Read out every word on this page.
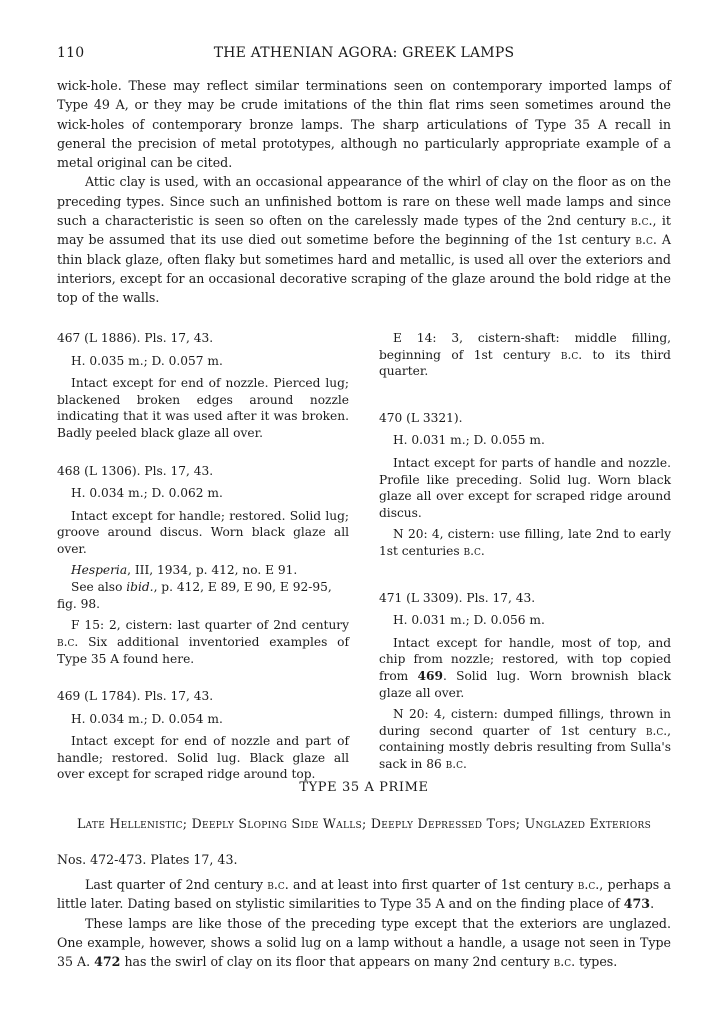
110	THE ATHENIAN AGORA: GREEK LAMPS

wick-hole. These may reflect similar terminations seen on contemporary imported lamps of Type 49 A, or they may be crude imitations of the thin flat rims seen sometimes around the wick-holes of contemporary bronze lamps. The sharp articulations of Type 35 A recall in general the precision of metal prototypes, although no particularly appropriate example of a metal original can be cited.

Attic clay is used, with an occasional appearance of the whirl of clay on the floor as on the preceding types. Since such an unfinished bottom is rare on these well made lamps and since such a characteristic is seen so often on the carelessly made types of the 2nd century b.c., it may be assumed that its use died out sometime before the beginning of the 1st century b.c. A thin black glaze, often flaky but sometimes hard and metallic, is used all over the exteriors and interiors, except for an occasional decorative scraping of the glaze around the bold ridge at the top of the walls.

467 (L 1886). Pls. 17, 43.

H. 0.035 m.; D. 0.057 m.

Intact except for end of nozzle. Pierced lug; blackened broken edges around nozzle indicating that it was used after it was broken. Badly peeled black glaze all over.

468 (L 1306). Pls. 17, 43.

H. 0.034 m.; D. 0.062 m.

Intact except for handle; restored. Solid lug; groove around discus. Worn black glaze all over.

Hesperia, III, 1934, p. 412, no. E 91.

See also ibid., p. 412, E 89, E 90, E 92-95, fig. 98.

F 15: 2, cistern: last quarter of 2nd century b.c. Six additional inventoried examples of Type 35 A found here.

469 (L 1784). Pls. 17, 43.

H. 0.034 m.; D. 0.054 m.

Intact except for end of nozzle and part of handle; restored. Solid lug. Black glaze all over except for scraped ridge around top.

E 14: 3, cistern-shaft: middle filling, beginning of 1st century b.c. to its third quarter.

470 (L 3321).

H. 0.031 m.; D. 0.055 m.

Intact except for parts of handle and nozzle. Profile like preceding. Solid lug. Worn black glaze all over except for scraped ridge around discus.

N 20: 4, cistern: use filling, late 2nd to early 1st centuries b.c.

471 (L 3309). Pls. 17, 43.

H. 0.031 m.; D. 0.056 m.

Intact except for handle, most of top, and chip from nozzle; restored, with top copied from 469. Solid lug. Worn brownish black glaze all over.

N 20: 4, cistern: dumped fillings, thrown in during second quarter of 1st century b.c., containing mostly debris resulting from Sulla's sack in 86 b.c.

TYPE 35 A PRIME
Late Hellenistic; Deeply Sloping Side Walls; Deeply Depressed Tops; Unglazed Exteriors
Nos. 472-473. Plates 17, 43.

Last quarter of 2nd century b.c. and at least into first quarter of 1st century b.c., perhaps a little later. Dating based on stylistic similarities to Type 35 A and on the finding place of 473.

These lamps are like those of the preceding type except that the exteriors are unglazed. One example, however, shows a solid lug on a lamp without a handle, a usage not seen in Type 35 A. 472 has the swirl of clay on its floor that appears on many 2nd century b.c. types.
